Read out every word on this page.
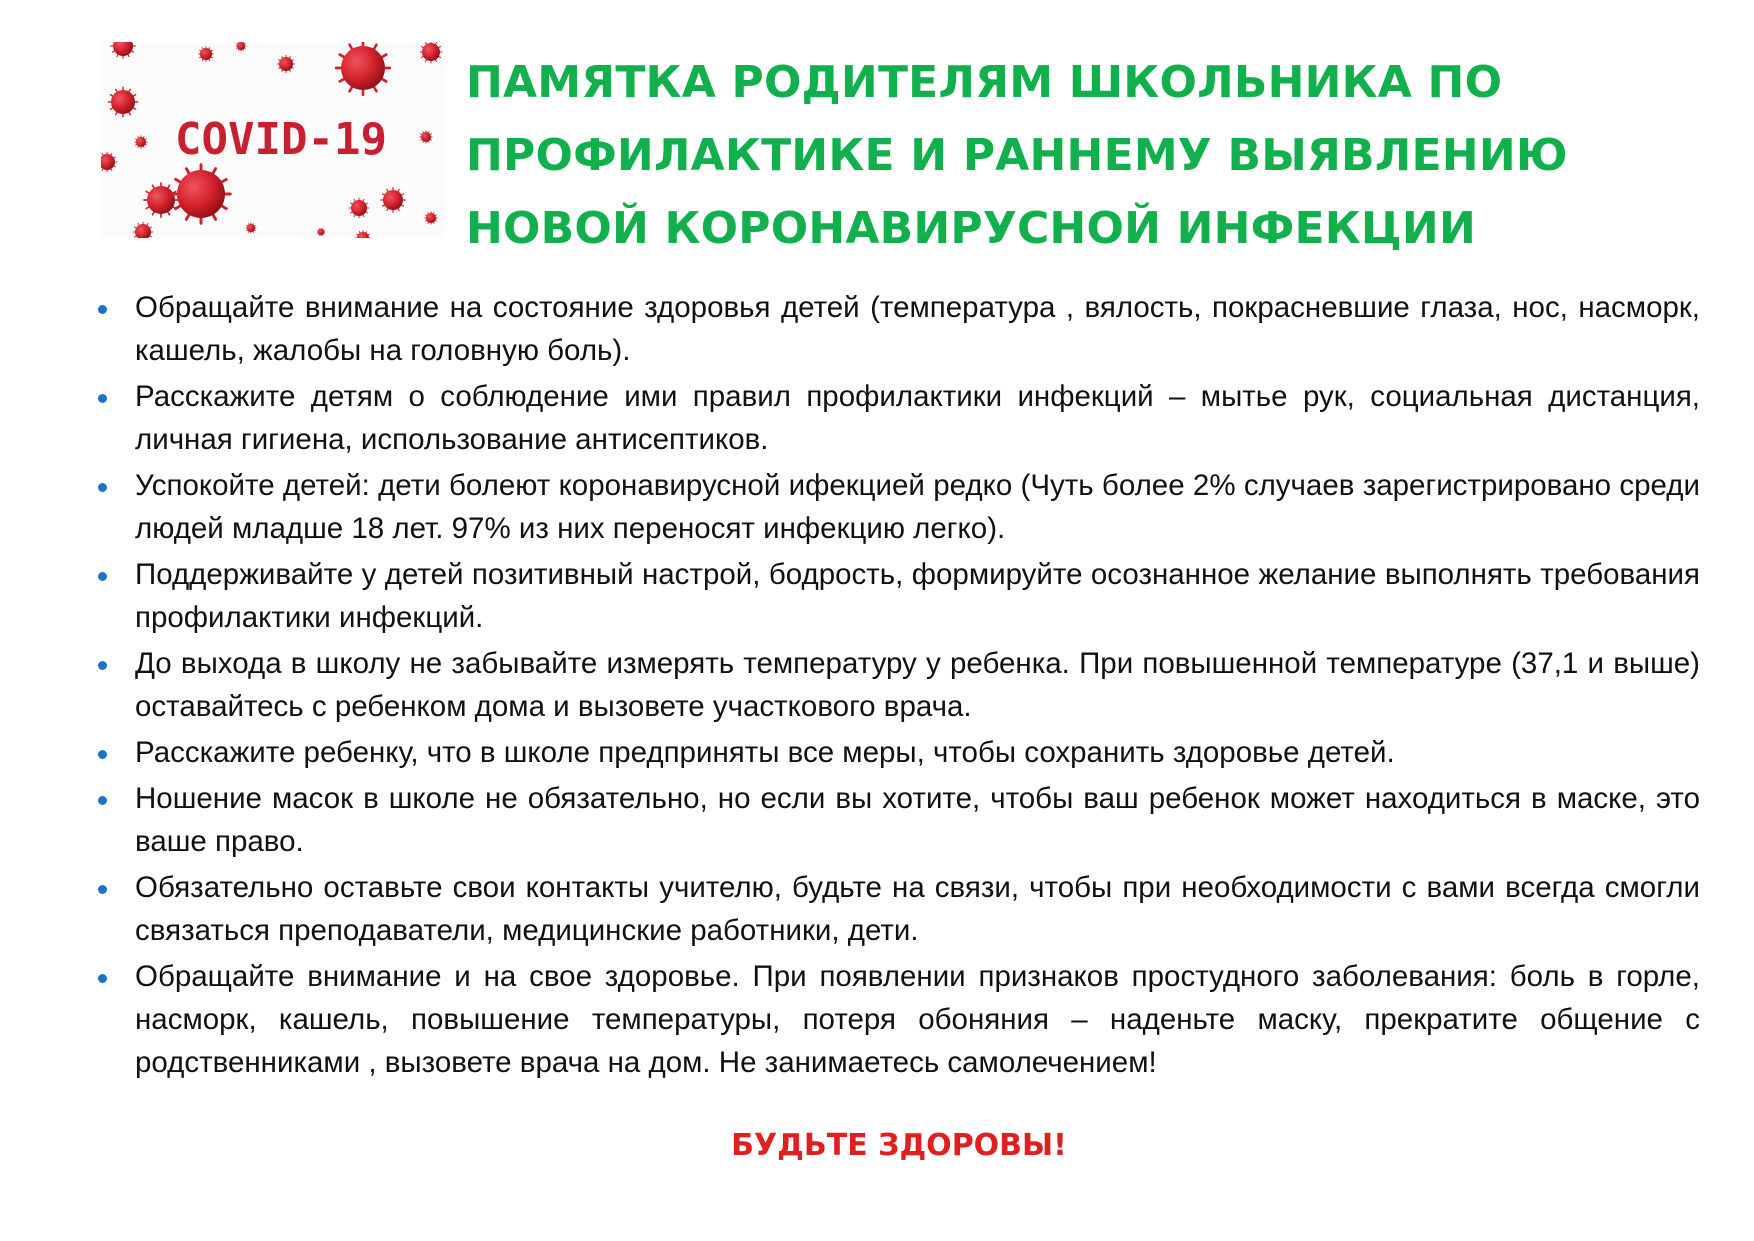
COVID-19
ПАМЯТКА РОДИТЕЛЯМ ШКОЛЬНИКА ПО
ПРОФИЛАКТИКЕ И РАННЕМУ ВЫЯВЛЕНИЮ
НОВОЙ КОРОНАВИРУСНОЙ ИНФЕКЦИИ
Обращайте внимание на состояние здоровья детей (температура , вялость, покрасневшие глаза, нос, насморк, кашель, жалобы на головную боль).
Расскажите детям о соблюдение ими правил профилактики инфекций – мытье рук, социальная дистанция, личная гигиена, использование антисептиков.
Успокойте детей: дети болеют коронавирусной ифекцией редко (Чуть более 2% случаев зарегистрировано среди людей младше 18 лет. 97% из них переносят инфекцию легко).
Поддерживайте у детей позитивный настрой, бодрость, формируйте осознанное желание выполнять требования профилактики инфекций.
До выхода в школу не забывайте измерять температуру у ребенка. При повышенной температуре (37,1 и выше) оставайтесь с ребенком дома и вызовете участкового врача.
Расскажите ребенку, что в школе предприняты все меры, чтобы сохранить здоровье детей.
Ношение масок в школе не обязательно, но если вы хотите, чтобы ваш ребенок может находиться в маске, это ваше право.
Обязательно оставьте свои контакты учителю, будьте на связи, чтобы при необходимости с вами всегда смогли связаться преподаватели, медицинские работники, дети.
Обращайте внимание и на свое здоровье. При появлении признаков простудного заболевания: боль в горле, насморк, кашель, повышение температуры, потеря обоняния – наденьте маску, прекратите общение с родственниками , вызовете врача на дом. Не занимаетесь самолечением!

БУДЬТЕ ЗДОРОВЫ!
